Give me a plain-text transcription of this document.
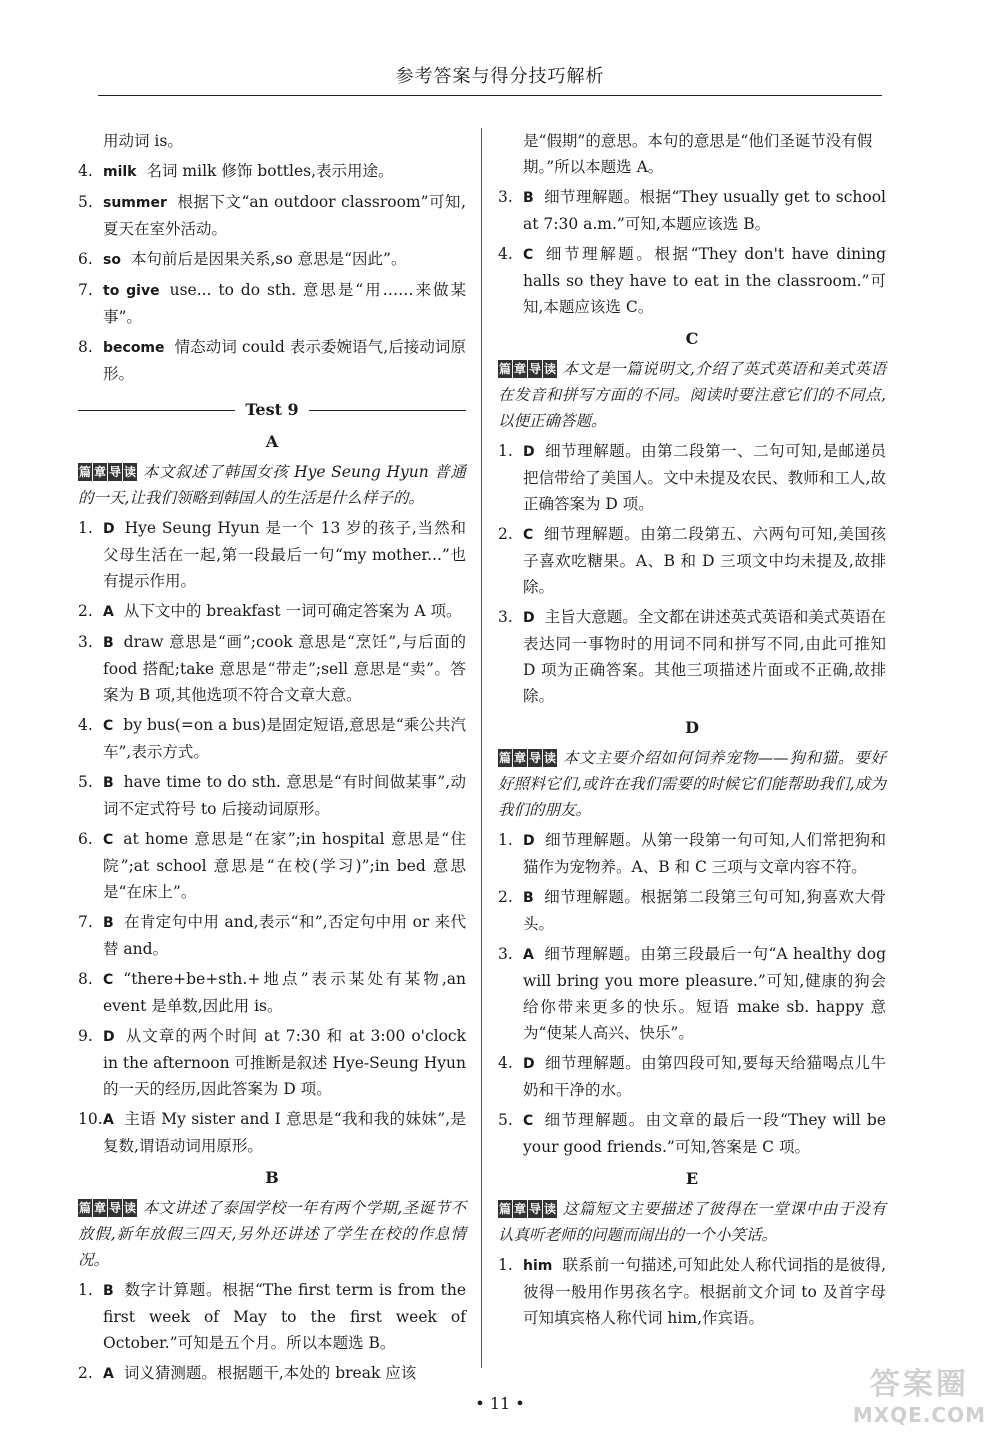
参考答案与得分技巧解析
用动词 is。
4. milk 名词 milk 修饰 bottles,表示用途。
5. summer 根据下文“an outdoor classroom”可知,夏天在室外活动。
6. so 本句前后是因果关系,so 意思是“因此”。
7. to give use... to do sth. 意思是“用……来做某事”。
8. become 情态动词 could 表示委婉语气,后接动词原形。
Test 9
A
篇 章 导 读 本文叙述了韩国女孩 Hye Seung Hyun 普通的一天,让我们领略到韩国人的生活是什么样子的。
1. D Hye Seung Hyun 是一个 13 岁的孩子,当然和父母生活在一起,第一段最后一句“my mother...”也有提示作用。
2. A 从下文中的 breakfast 一词可确定答案为 A 项。
3. B draw 意思是“画”;cook 意思是“烹饪”,与后面的 food 搭配;take 意思是“带走”;sell 意思是“卖”。答案为 B 项,其他选项不符合文章大意。
4. C by bus(=on a bus)是固定短语,意思是“乘公共汽车”,表示方式。
5. B have time to do sth. 意思是“有时间做某事”,动词不定式符号 to 后接动词原形。
6. C at home 意思是“在家”;in hospital 意思是“住院”;at school 意思是“在校(学习)”;in bed 意思是“在床上”。
7. B 在肯定句中用 and,表示“和”,否定句中用 or 来代替 and。
8. C “there+be+sth.+地点”表示某处有某物,an event 是单数,因此用 is。
9. D 从文章的两个时间 at 7:30 和 at 3:00 o'clock in the afternoon 可推断是叙述 Hye-Seung Hyun 的一天的经历,因此答案为 D 项。
10. A 主语 My sister and I 意思是“我和我的妹妹”,是复数,谓语动词用原形。
B
篇 章 导 读 本文讲述了泰国学校一年有两个学期,圣诞节不放假,新年放假三四天,另外还讲述了学生在校的作息情况。
1. B 数字计算题。根据“The first term is from the first week of May to the first week of October.”可知是五个月。所以本题选 B。
2. A 词义猜测题。根据题干,本处的 break 应该
是“假期”的意思。本句的意思是“他们圣诞节没有假期。”所以本题选 A。
3. B 细节理解题。根据“They usually get to school at 7:30 a.m.”可知,本题应该选 B。
4. C 细节理解题。根据“They don't have dining halls so they have to eat in the classroom.”可知,本题应该选 C。
C
篇 章 导 读 本文是一篇说明文,介绍了英式英语和美式英语在发音和拼写方面的不同。阅读时要注意它们的不同点,以便正确答题。
1. D 细节理解题。由第二段第一、二句可知,是邮递员把信带给了美国人。文中未提及农民、教师和工人,故正确答案为 D 项。
2. C 细节理解题。由第二段第五、六两句可知,美国孩子喜欢吃糖果。A、B 和 D 三项文中均未提及,故排除。
3. D 主旨大意题。全文都在讲述英式英语和美式英语在表达同一事物时的用词不同和拼写不同,由此可推知 D 项为正确答案。其他三项描述片面或不正确,故排除。
D
篇 章 导 读 本文主要介绍如何饲养宠物——狗和猫。要好好照料它们,或许在我们需要的时候它们能帮助我们,成为我们的朋友。
1. D 细节理解题。从第一段第一句可知,人们常把狗和猫作为宠物养。A、B 和 C 三项与文章内容不符。
2. B 细节理解题。根据第二段第三句可知,狗喜欢大骨头。
3. A 细节理解题。由第三段最后一句“A healthy dog will bring you more pleasure.”可知,健康的狗会给你带来更多的快乐。短语 make sb. happy 意为“使某人高兴、快乐”。
4. D 细节理解题。由第四段可知,要每天给猫喝点儿牛奶和干净的水。
5. C 细节理解题。由文章的最后一段“They will be your good friends.”可知,答案是 C 项。
E
篇 章 导 读 这篇短文主要描述了彼得在一堂课中由于没有认真听老师的问题而闹出的一个小笑话。
1. him 联系前一句描述,可知此处人称代词指的是彼得,彼得一般用作男孩名字。根据前文介词 to 及首字母可知填宾格人称代词 him,作宾语。
• 11 •
答案圈
MXQE.COM
